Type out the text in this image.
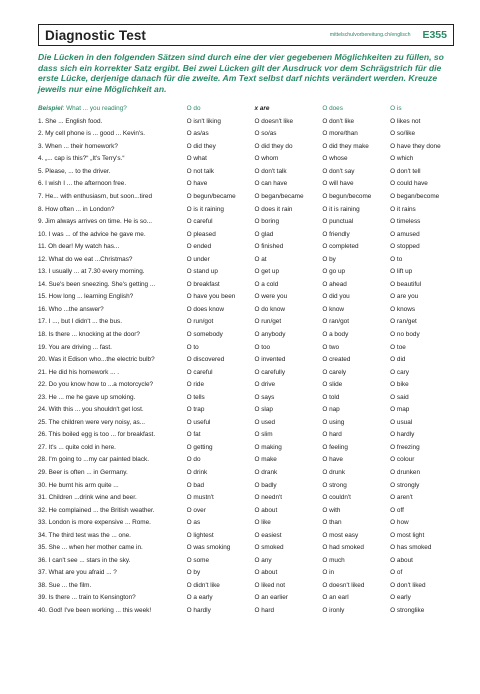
Diagnostic Test	mittelschulvorbereitung.ch/englisch E355
Die Lücken in den folgenden Sätzen sind durch eine der vier gegebenen Möglichkeiten zu füllen, so dass sich ein korrekter Satz ergibt. Bei zwei Lücken gilt der Ausdruck vor dem Schrägstrich für die erste Lücke, derjenige danach für die zweite. Am Text selbst darf nichts verändert werden. Kreuze jeweils nur eine Möglichkeit an.
Beispiel: What ... you reading?	O do	x are	O does	O is
1. She ... English food.	O isn't liking	O doesn't like	O don't like	O likes not
2. My cell phone is ... good ... Kevin's.	O as/as	O so/as	O more/than	O so/like
3. When ... their homework?	O did they	O did they do	O did they make	O have they done
4. „... cap is this?“ „It's Terry's.“	O what	O whom	O whose	O which
5. Please, ... to the driver.	O not talk	O don't talk	O don't say	O don't tell
6. I wish I ... the afternoon free.	O have	O can have	O will have	O could have
7. He... with enthusiasm, but soon...tired	O begun/became	O began/became	O begun/become	O began/become
8. How often ... in London?	O is it raining	O does it rain	O it is raining	O it rains
9. Jim always arrives on time. He is so...	O careful	O boring	O punctual	O timeless
10. I was ... of the advice he gave me.	O pleased	O glad	O friendly	O amused
11. Oh dear! My watch has...	O ended	O finished	O completed	O stopped
12. What do we eat ...Christmas?	O under	O at	O by	O to
13. I usually ... at 7.30 every morning.	O stand up	O get up	O go up	O lift up
14. Sue's been sneezing. She's getting ...	O breakfast	O a cold	O ahead	O beautiful
15. How long ... learning English?	O have you been	O were you	O did you	O are you
16. Who ...the answer?	O does know	O do know	O know	O knows
17. I ..., but I didn't ... the bus.	O run/got	O run/get	O ran/got	O ran/get
18. Is there ... knocking at the door?	O somebody	O anybody	O a body	O no body
19. You are driving ... fast.	O to	O too	O two	O toe
20. Was it Edison who...the electric bulb?	O discovered	O invented	O created	O did
21. He did his homework ... .	O careful	O carefully	O carely	O cary
22. Do you know how to ...a motorcycle?	O ride	O drive	O slide	O bike
23. He ... me he gave up smoking.	O tells	O says	O told	O said
24. With this ... you shouldn't get lost.	O trap	O slap	O nap	O map
25. The children were very noisy, as...	O useful	O used	O using	O usual
26. This boiled egg is too ... for breakfast.	O fat	O slim	O hard	O hardly
27. It's ... quite cold in here.	O getting	O making	O feeling	O freezing
28. I'm going to ...my car painted black.	O do	O make	O have	O colour
29. Beer is often ... in Germany.	O drink	O drank	O drunk	O drunken
30. He burnt his arm quite ...	O bad	O badly	O strong	O strongly
31. Children ...drink wine and beer.	O mustn't	O needn't	O couldn't	O aren't
32. He complained ... the British weather.	O over	O about	O with	O off
33. London is more expensive ... Rome.	O as	O like	O than	O how
34. The third test was the ... one.	O lightest	O easiest	O most easy	O most light
35. She ... when her mother came in.	O was smoking	O smoked	O had smoked	O has smoked
36. I can't see ... stars in the sky.	O some	O any	O much	O about
37. What are you afraid ... ?	O by	O about	O in	O of
38. Sue ... the film.	O didn't like	O liked not	O doesn't liked	O don't liked
39. Is there ... train to Kensington?	O a early	O an earlier	O an earl	O early
40. God! I've been working ... this week!	O hardly	O hard	O ironly	O stronglike
